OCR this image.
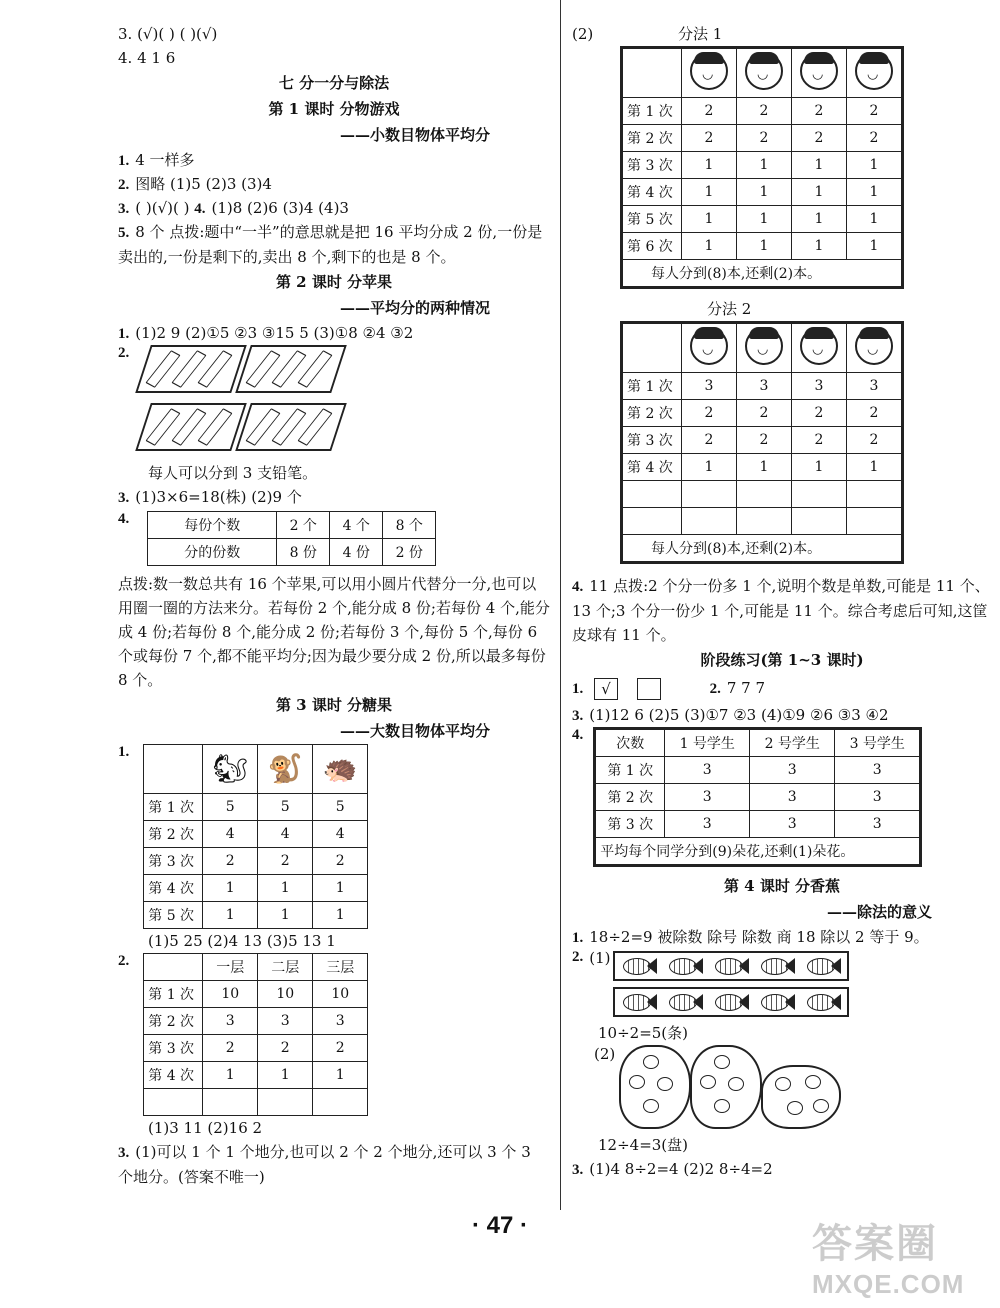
3. (√)( ) ( )(√)
4. 4 1 6
七 分一分与除法
第 1 课时 分物游戏
——小数目物体平均分
1. 4 一样多
2. 图略 (1)5 (2)3 (3)4
3. ( )(√)( ) 4. (1)8 (2)6 (3)4 (4)3
5. 8 个 点拨:题中“一半”的意思就是把 16 平均分成 2 份,一份是卖出的,一份是剩下的,卖出 8 个,剩下的也是 8 个。
第 2 课时 分苹果
——平均分的两种情况
1. (1)2 9 (2)①5 ②3 ③15 5 (3)①8 ②4 ③2
2.

每人可以分到 3 支铅笔。
3. (1)3×6=18(株) (2)9 个
4.	每份个数	2 个	4 个	8 个
分的份数	8 份	4 份	2 份
点拨:数一数总共有 16 个苹果,可以用小圆片代替分一分,也可以用圈一圈的方法来分。若每份 2 个,能分成 8 份;若每份 4 个,能分成 4 份;若每份 8 个,能分成 2 份;若每份 3 个,每份 5 个,每份 6 个或每份 7 个,都不能平均分;因为最少要分成 2 份,所以最多每份 8 个。
第 3 课时 分糖果
——大数目物体平均分
1.
		🐿	🐒	🦔
第 1 次	5	5	5
第 2 次	4	4	4
第 3 次	2	2	2
第 4 次	1	1	1
第 5 次	1	1	1
(1)5 25 (2)4 13 (3)5 13 1
2.
		一层	二层	三层
第 1 次	10	10	10
第 2 次	3	3	3
第 3 次	2	2	2
第 4 次	1	1	1

(1)3 11 (2)16 2
3. (1)可以 1 个 1 个地分,也可以 2 个 2 个地分,还可以 3 个 3 个地分。(答案不唯一)
(2)	分法 1
	◡	◡	◡	◡
第 1 次	2	2	2	2
第 2 次	2	2	2	2
第 3 次	1	1	1	1
第 4 次	1	1	1	1
第 5 次	1	1	1	1
第 6 次	1	1	1	1
每人分到(8)本,还剩(2)本。				
分法 2
	◡	◡	◡	◡
第 1 次	3	3	3	3
第 2 次	2	2	2	2
第 3 次	2	2	2	2
第 4 次	1	1	1	1

每人分到(8)本,还剩(2)本。				
4. 11 点拨:2 个分一份多 1 个,说明个数是单数,可能是 11 个、13 个;3 个分一份少 1 个,可能是 11 个。综合考虑后可知,这筐皮球有 11 个。
阶段练习(第 1~3 课时)
1. √	2. 7 7 7
3. (1)12 6 (2)5 (3)①7 ②3 (4)①9 ②6 ③3 ④2
4.
次数	1 号学生	2 号学生	3 号学生
第 1 次	3	3	3
第 2 次	3	3	3
第 3 次	3	3	3
平均每个同学分到(9)朵花,还剩(1)朵花。			
第 4 课时 分香蕉
——除法的意义
1. 18÷2=9 被除数 除号 除数 商 18 除以 2 等于 9。
2. (1)

10÷2=5(条)
(2)

12÷4=3(盘)
3. (1)4 8÷2=4 (2)2 8÷4=2
· 47 ·	答案圈
MXQE.COM
